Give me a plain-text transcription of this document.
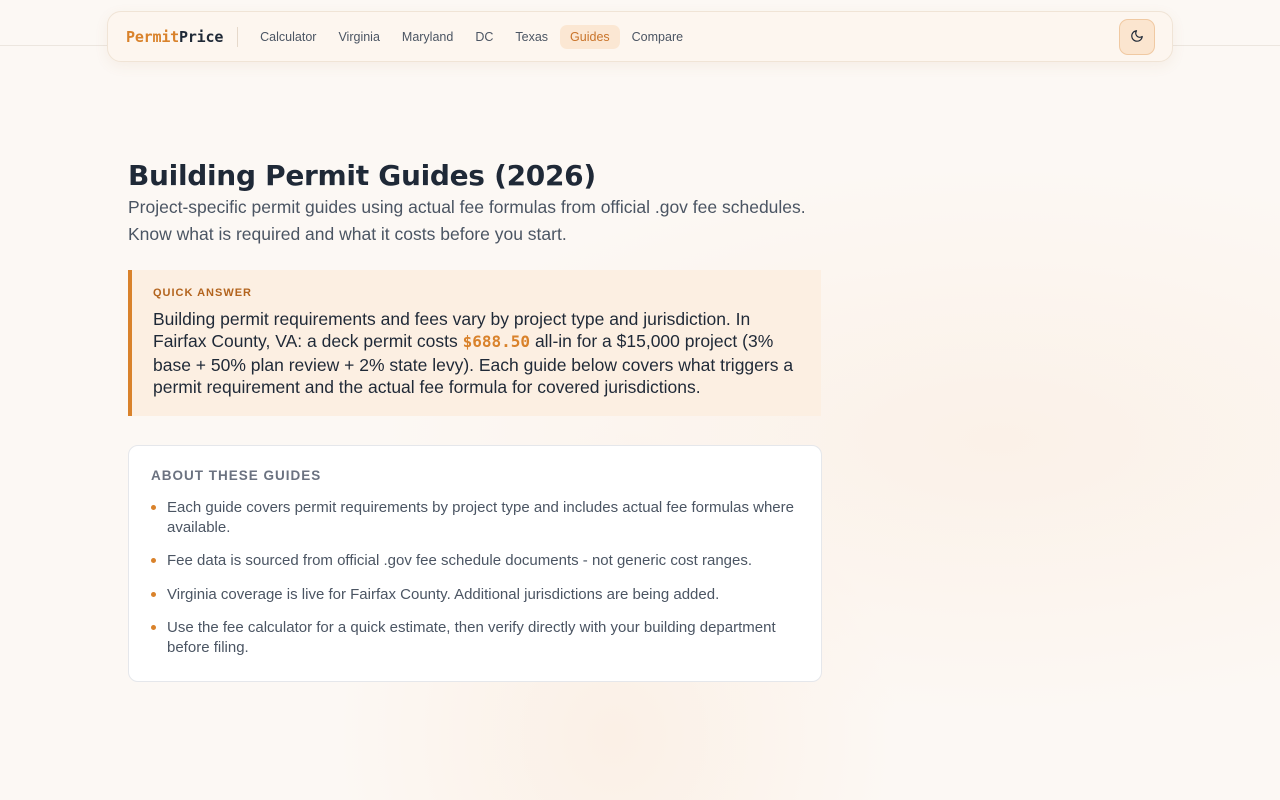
Permit Price	Calculator	Virginia	Maryland	DC	Texas	Guides	Compare
Building Permit Guides (2026)

Project-specific permit guides using actual fee formulas from official .gov fee schedules. Know what is required and what it costs before you start.

QUICK ANSWER

Building permit requirements and fees vary by project type and jurisdiction. In Fairfax County, VA: a deck permit costs $688.50 all-in for a $15,000 project (3% base + 50% plan review + 2% state levy). Each guide below covers what triggers a permit requirement and the actual fee formula for covered jurisdictions.

ABOUT THESE GUIDES
Each guide covers permit requirements by project type and includes actual fee formulas where available.
Fee data is sourced from official .gov fee schedule documents - not generic cost ranges.
Virginia coverage is live for Fairfax County. Additional jurisdictions are being added.
Use the fee calculator for a quick estimate, then verify directly with your building department before filing.
